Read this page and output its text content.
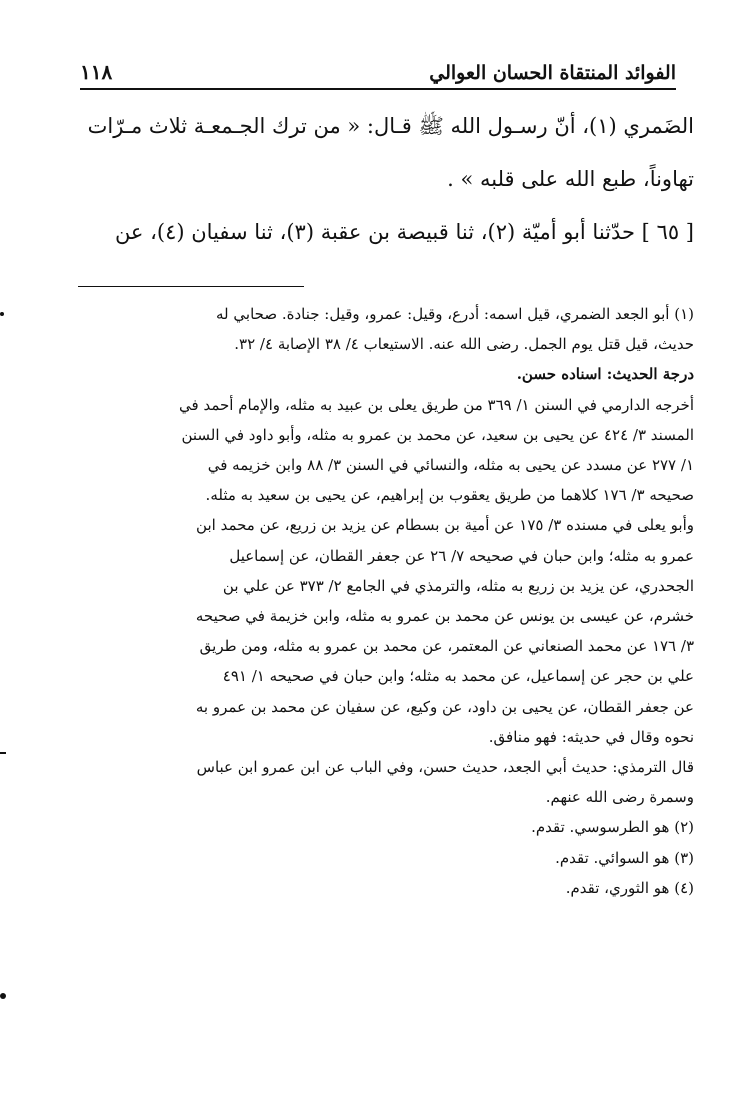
الفوائد المنتقاة الحسان العوالي
١١٨

الضَمري (١)، أنّ رسـول الله ﷺ قـال: « من ترك الجـمعـة ثلاث مـرّات

تهاوناً، طبع الله على قلبه » .

[ ٦٥ ] حدّثنا أبو أميّة (٢)، ثنا قبيصة بن عقبة (٣)، ثنا سفيان (٤)، عن

(١) أبو الجعد الضمري، قيل اسمه: أدرع، وقيل: عمرو، وقيل: جنادة. صحابي له

حديث، قيل قتل يوم الجمل. رضى الله عنه. الاستيعاب ٤/ ٣٨ الإصابة ٤/ ٣٢.

درجة الحديث: اسناده حسن.

أخرجه الدارمي في السنن ١/ ٣٦٩ من طريق يعلى بن عبيد به مثله، والإمام أحمد في

المسند ٣/ ٤٢٤ عن يحيى بن سعيد، عن محمد بن عمرو به مثله، وأبو داود في السنن

١/ ٢٧٧ عن مسدد عن يحيى به مثله، والنسائي في السنن ٣/ ٨٨ وابن خزيمه في

صحيحه ٣/ ١٧٦ كلاهما من طريق يعقوب بن إبراهيم، عن يحيى بن سعيد به مثله.

وأبو يعلى في مسنده ٣/ ١٧٥ عن أمية بن بسطام عن يزيد بن زريع، عن محمد ابن

عمرو به مثله؛ وابن حبان في صحيحه ٧/ ٢٦ عن جعفر القطان، عن إسماعيل

الجحدري، عن يزيد بن زريع به مثله، والترمذي في الجامع ٢/ ٣٧٣ عن علي بن

خشرم، عن عيسى بن يونس عن محمد بن عمرو به مثله، وابن خزيمة في صحيحه

٣/ ١٧٦ عن محمد الصنعاني عن المعتمر، عن محمد بن عمرو به مثله، ومن طريق

علي بن حجر عن إسماعيل، عن محمد به مثله؛ وابن حبان في صحيحه ١/ ٤٩١

عن جعفر القطان، عن يحيى بن داود، عن وكيع، عن سفيان عن محمد بن عمرو به

نحوه وقال في حديثه: فهو منافق.

قال الترمذي: حديث أبي الجعد، حديث حسن، وفي الباب عن ابن عمرو ابن عباس

وسمرة رضى الله عنهم.

(٢) هو الطرسوسي. تقدم.

(٣) هو السوائي. تقدم.

(٤) هو الثوري، تقدم.
